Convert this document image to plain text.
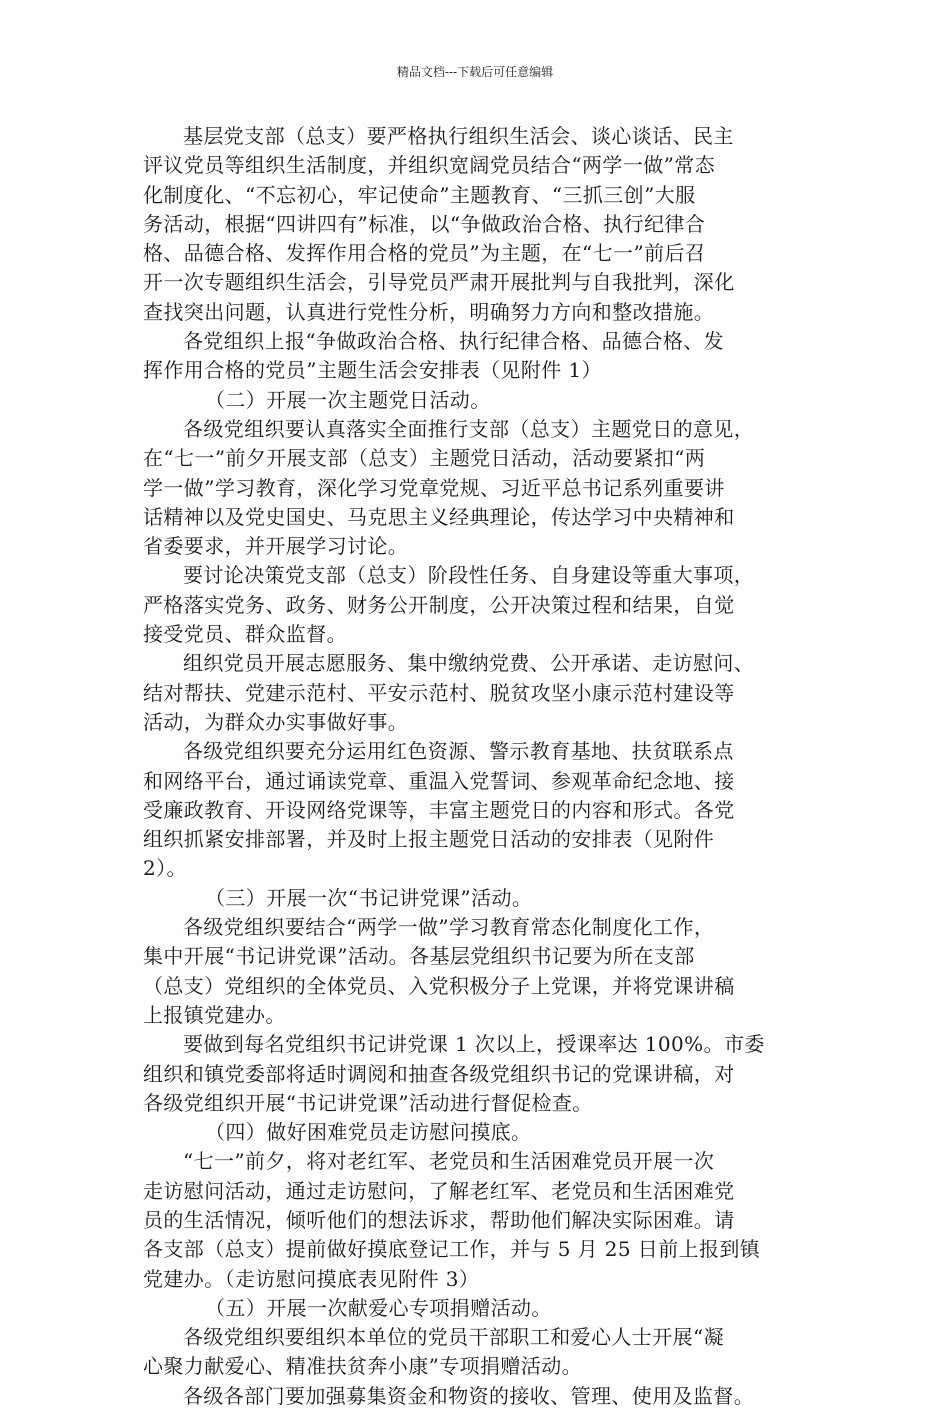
精品文档---下载后可任意编辑
基层党支部（总支）要严格执行组织生活会、谈心谈话、民主
评议党员等组织生活制度，并组织宽阔党员结合“两学一做”常态
化制度化、“不忘初心，牢记使命”主题教育、“三抓三创”大服
务活动，根据“四讲四有”标准，以“争做政治合格、执行纪律合
格、品德合格、发挥作用合格的党员”为主题，在“七一”前后召
开一次专题组织生活会，引导党员严肃开展批判与自我批判，深化
查找突出问题，认真进行党性分析，明确努力方向和整改措施。
各党组织上报“争做政治合格、执行纪律合格、品德合格、发
挥作用合格的党员”主题生活会安排表（见附件 1）
（二）开展一次主题党日活动。
各级党组织要认真落实全面推行支部（总支）主题党日的意见，
在“七一”前夕开展支部（总支）主题党日活动，活动要紧扣“两
学一做”学习教育，深化学习党章党规、习近平总书记系列重要讲
话精神以及党史国史、马克思主义经典理论，传达学习中央精神和
省委要求，并开展学习讨论。
要讨论决策党支部（总支）阶段性任务、自身建设等重大事项，
严格落实党务、政务、财务公开制度，公开决策过程和结果，自觉
接受党员、群众监督。
组织党员开展志愿服务、集中缴纳党费、公开承诺、走访慰问、
结对帮扶、党建示范村、平安示范村、脱贫攻坚小康示范村建设等
活动，为群众办实事做好事。
各级党组织要充分运用红色资源、警示教育基地、扶贫联系点
和网络平台，通过诵读党章、重温入党誓词、参观革命纪念地、接
受廉政教育、开设网络党课等，丰富主题党日的内容和形式。各党
组织抓紧安排部署，并及时上报主题党日活动的安排表（见附件
2）。
（三）开展一次“书记讲党课”活动。
各级党组织要结合“两学一做”学习教育常态化制度化工作，
集中开展“书记讲党课”活动。各基层党组织书记要为所在支部
（总支）党组织的全体党员、入党积极分子上党课，并将党课讲稿
上报镇党建办。
要做到每名党组织书记讲党课 1 次以上，授课率达 100%。市委
组织和镇党委部将适时调阅和抽查各级党组织书记的党课讲稿，对
各级党组织开展“书记讲党课”活动进行督促检查。
（四）做好困难党员走访慰问摸底。
“七一”前夕，将对老红军、老党员和生活困难党员开展一次
走访慰问活动，通过走访慰问，了解老红军、老党员和生活困难党
员的生活情况，倾听他们的想法诉求，帮助他们解决实际困难。请
各支部（总支）提前做好摸底登记工作，并与 5 月 25 日前上报到镇
党建办。（走访慰问摸底表见附件 3）
（五）开展一次献爱心专项捐赠活动。
各级党组织要组织本单位的党员干部职工和爱心人士开展“凝
心聚力献爱心、精准扶贫奔小康”专项捐赠活动。
各级各部门要加强募集资金和物资的接收、管理、使用及监督。
